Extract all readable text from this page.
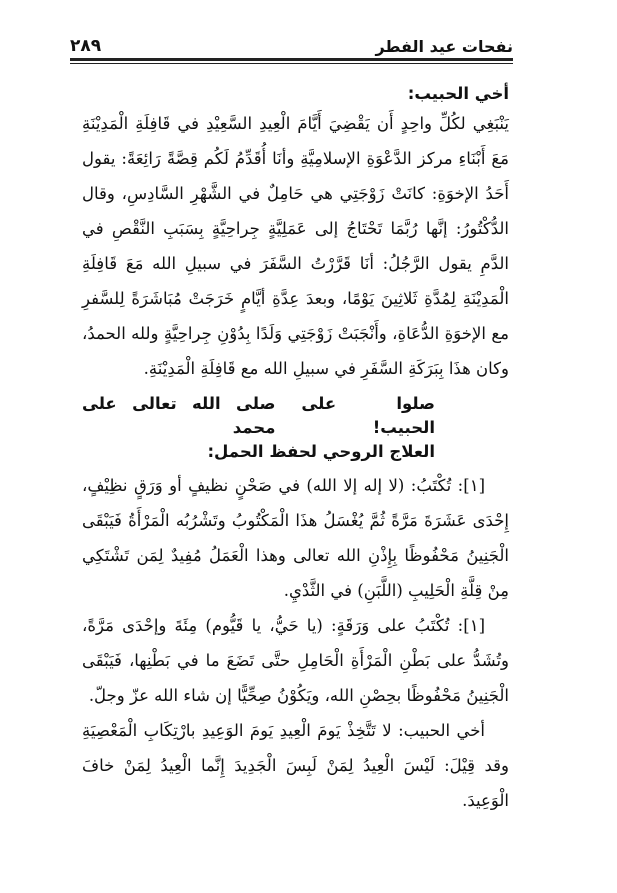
نفحات عيد الفطر
٢٨٩
أخي الحبيب:

يَنْبَغِي لكُلِّ واحِدٍ أَن يَقْضِيَ أَيَّامَ الْعِيدِ السَّعِيْدِ في قَافِلَةِ الْمَدِيْنَةِ مَعَ أَبْنَاءِ مركز الدَّعْوَةِ الإسلامِيَّةِ وأنَا أُقَدِّمُ لَكُم قِصَّةً رَائِعَةً: يقول أَحَدُ الإخوَةِ: كانَتْ زَوْجَتِي هي حَامِلٌ في الشَّهْرِ السَّادِسِ، وقال الدُّكْتُورُ: إنَّها رُبَّمَا تَحْتَاجُ إلى عَمَلِيَّةٍ جِراحِيَّةٍ بِسَبَبِ النَّقْصِ في الدَّمِ يقول الرَّجُلُ: أنَا قَرَّرْتُ السَّفَرَ في سبيلِ الله مَعَ قَافِلَةِ الْمَدِيْنَةِ لِمُدَّةِ ثَلاثِينَ يَوْمًا، وبعدَ عِدَّةِ أيَّامٍ خَرَجَتْ مُبَاشَرَةً لِلسَّفرِ مع الإخوَةِ الدُّعَاةِ، وأَنْجَبَتْ زَوْجَتِي وَلَدًا بِدُوْنِ جِراحِيَّةٍ ولله الحمدُ، وكان هذَا بِبَرَكَةِ السَّفَرِ في سبيلِ الله مع قَافِلَةِ الْمَدِيْنَةِ.

صلوا على الحبيب!
صلى الله تعالى على محمد
العلاج الروحي لحفظ الحمل:

[١]: تُكْتَبُ: (لا إله إلا الله) في صَحْنٍ نظيفٍ أو وَرَقٍ نظِيْفٍ، إِحْدَى عَشَرَةَ مَرَّةً ثُمَّ يُغْسَلُ هذَا الْمَكْتُوبُ وتَشْرُبُه الْمَرْأَةُ فَيَبْقَى الْجَنِينُ مَحْفُوظًا بِإِذْنِ الله تعالى وهذا الْعَمَلُ مُفِيدٌ لِمَن تَشْتَكِي مِنْ قِلَّةِ الْحَلِيبِ (اللَّبَنِ) في الثَّدْيِ.

[١]: تُكْتَبُ على وَرَقَةٍ: (يا حَيُّ، يا قَيُّوم) مِئَةَ وإحْدَى مَرَّةً، وتُشَدُّ على بَطْنِ الْمَرْأَةِ الْحَامِلِ حتَّى تَضَعَ ما في بَطْنِها، فَيَبْقَى الْجَنِينُ مَحْفُوظًا بحِصْنِ الله، ويَكُوْنُ صِحِّيًّا إن شاء الله عزّ وجلّ.

أخي الحبيب: لا تَتَّخِذْ يَومَ الْعِيدِ يَومَ الوَعِيدِ بارْتِكَابِ الْمَعْصِيَةِ وقد قِيْلَ: لَيْسَ الْعِيدُ لِمَنْ لَبِسَ الْجَدِيدَ إِنَّما الْعِيدُ لِمَنْ خافَ الْوَعِيدَ.
